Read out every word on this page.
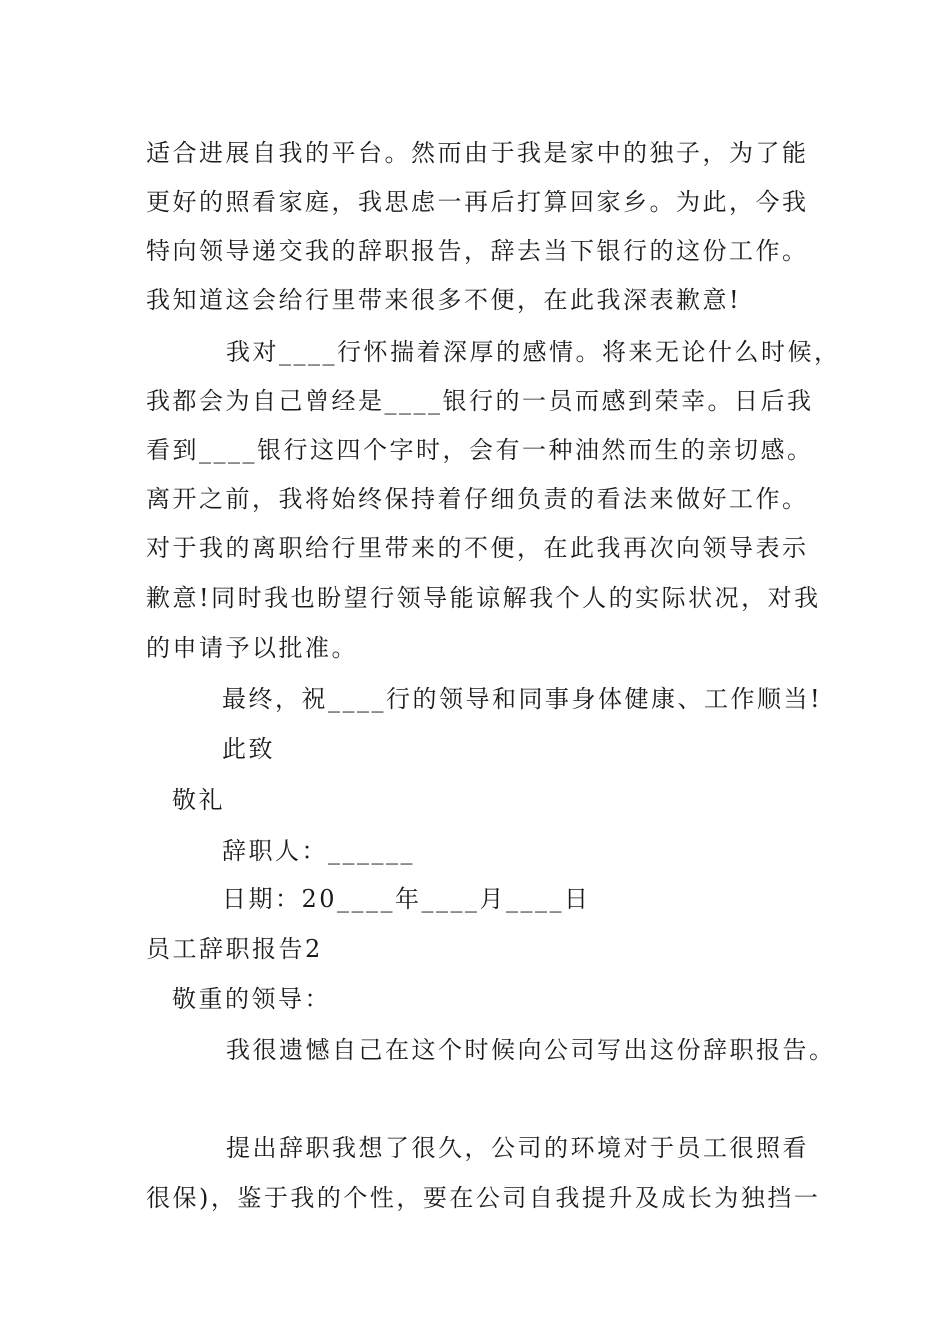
适合进展自我的平台。然而由于我是家中的独子，为了能
更好的照看家庭，我思虑一再后打算回家乡。为此，今我
特向领导递交我的辞职报告，辞去当下银行的这份工作。
我知道这会给行里带来很多不便，在此我深表歉意!
我对____行怀揣着深厚的感情。将来无论什么时候，
我都会为自己曾经是____银行的一员而感到荣幸。日后我
看到____银行这四个字时，会有一种油然而生的亲切感。
离开之前，我将始终保持着仔细负责的看法来做好工作。
对于我的离职给行里带来的不便，在此我再次向领导表示
歉意!同时我也盼望行领导能谅解我个人的实际状况，对我
的申请予以批准。
最终，祝____行的领导和同事身体健康、工作顺当!
此致
敬礼
辞职人：______
日期：20____年____月____日
员工辞职报告2
敬重的领导：
我很遗憾自己在这个时候向公司写出这份辞职报告。
提出辞职我想了很久，公司的环境对于员工很照看
很保)，鉴于我的个性，要在公司自我提升及成长为独挡一
